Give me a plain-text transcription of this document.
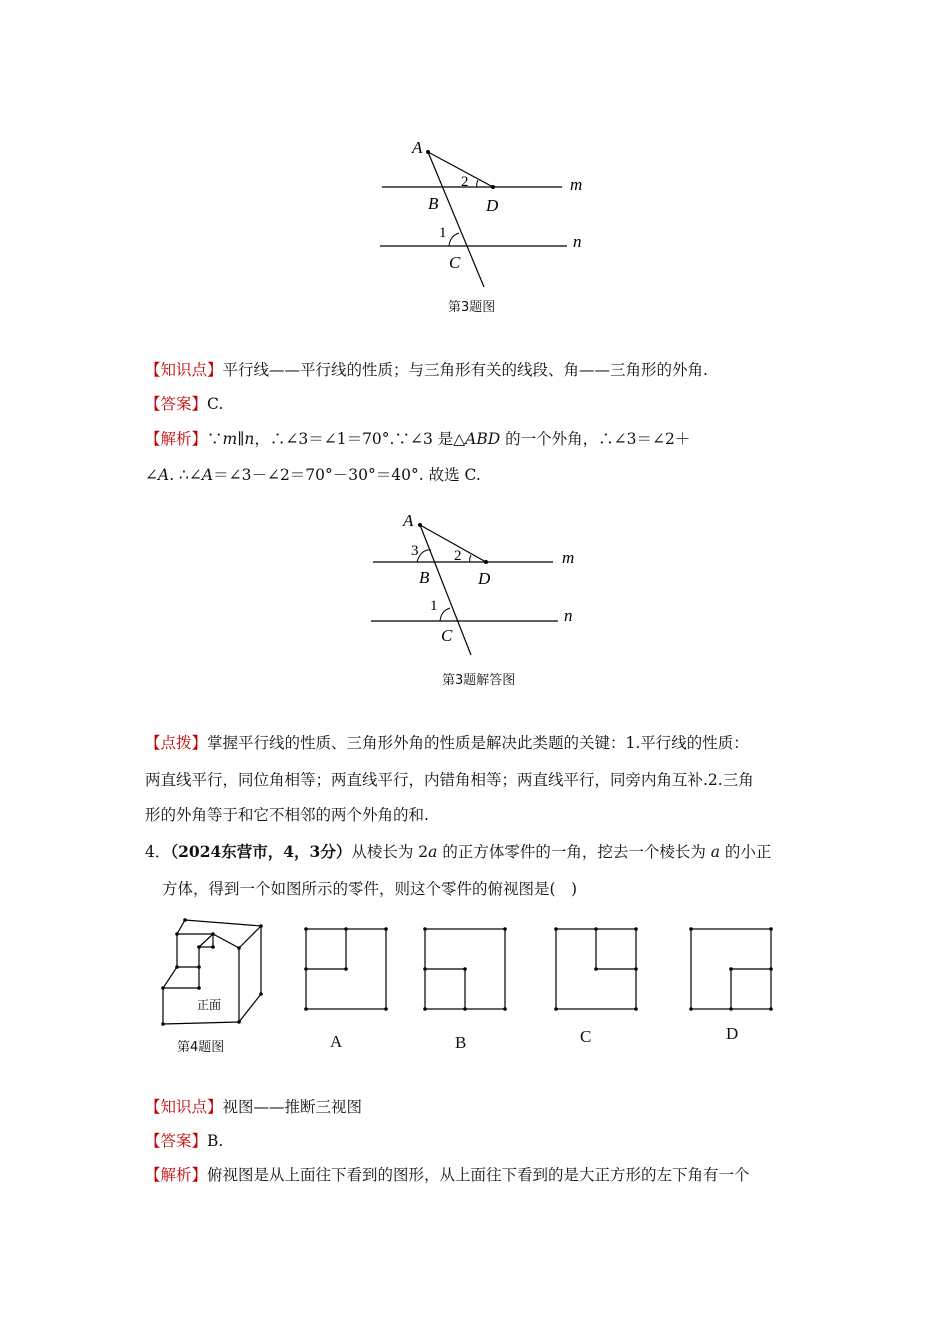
A
2	m
B	D
1	n
C
第3题图
【知识点】平行线——平行线的性质；与三角形有关的线段、角——三角形的外角.
【答案】C.
【解析】∵m∥n，∴∠3＝∠1＝70°.∵∠3 是△ABD 的一个外角，∴∠3＝∠2＋
∠A. ∴∠A＝∠3－∠2＝70°－30°＝40°. 故选 C.
A
3 2	m
B	D
1	n
C
第3题解答图
【点拨】掌握平行线的性质、三角形外角的性质是解决此类题的关键：1.平行线的性质：
两直线平行，同位角相等；两直线平行，内错角相等；两直线平行，同旁内角互补.2.三角
形的外角等于和它不相邻的两个外角的和.
4．（2024东营市，4，3分）从棱长为 2a 的正方体零件的一角，挖去一个棱长为 a 的小正
方体，得到一个如图所示的零件，则这个零件的俯视图是(　)
正面
第4题图	A	B	C	D
【知识点】视图——推断三视图
【答案】B.
【解析】俯视图是从上面往下看到的图形，从上面往下看到的是大正方形的左下角有一个
